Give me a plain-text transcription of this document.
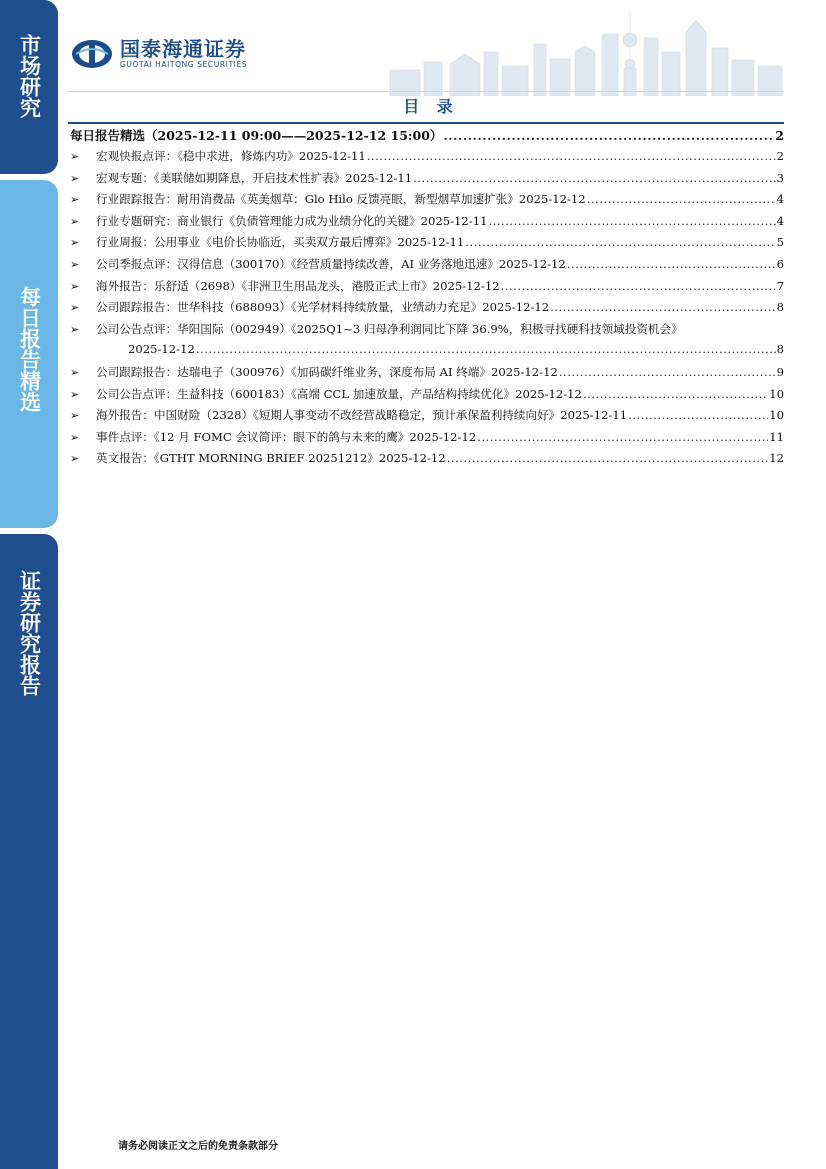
市场研究
每日报告精选
证券研究报告
国泰海通证券
GUOTAI HAITONG SECURITIES
目 录
每日报告精选（2025-12-11 09:00——2025-12-12 15:00） .....	2
➢	宏观快报点评：《稳中求进，修炼内功》2025-12-11 .....	2
➢	宏观专题：《美联储如期降息，开启技术性扩表》2025-12-11 .....	3
➢	行业跟踪报告：耐用消费品《英美烟草：Glo Hilo 反馈亮眼，新型烟草加速扩张》2025-12-12 .....	4
➢	行业专题研究：商业银行《负债管理能力成为业绩分化的关键》2025-12-11 .....	4
➢	行业周报：公用事业《电价长协临近，买卖双方最后博弈》2025-12-11 .....	5
➢	公司季报点评：汉得信息（300170）《经营质量持续改善，AI 业务落地迅速》2025-12-12 .....	6
➢	海外报告：乐舒适（2698）《非洲卫生用品龙头，港股正式上市》2025-12-12 .....	7
➢	公司跟踪报告：世华科技（688093）《光学材料持续放量，业绩动力充足》2025-12-12 .....	8
➢	公司公告点评：华阳国际（002949）《2025Q1~3 归母净利润同比下降 36.9%，积极寻找硬科技领域投资机会》
2025-12-12 .....	8
➢	公司跟踪报告：达瑞电子（300976）《加码碳纤维业务，深度布局 AI 终端》2025-12-12 .....	9
➢	公司公告点评：生益科技（600183）《高端 CCL 加速放量，产品结构持续优化》2025-12-12 .....	10
➢	海外报告：中国财险（2328）《短期人事变动不改经营战略稳定，预计承保盈利持续向好》2025-12-11 .....	10
➢	事件点评：《12 月 FOMC 会议简评：眼下的鸽与未来的鹰》2025-12-12 .....	11
➢	英文报告：《GTHT MORNING BRIEF 20251212》2025-12-12 .....	12
请务必阅读正文之后的免责条款部分
